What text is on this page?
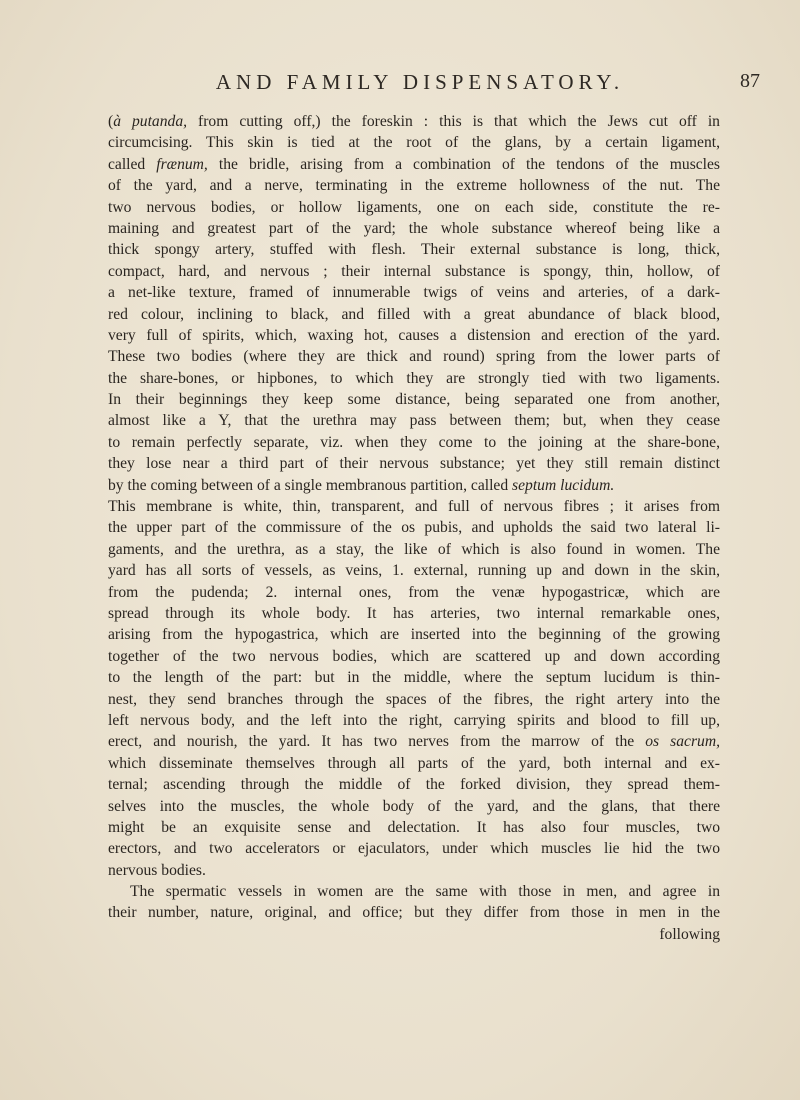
AND FAMILY DISPENSATORY.	87
(à putanda, from cutting off,) the foreskin : this is that which the Jews cut off in
circumcising. This skin is tied at the root of the glans, by a certain ligament,
called frænum, the bridle, arising from a combination of the tendons of the muscles
of the yard, and a nerve, terminating in the extreme hollowness of the nut. The
two nervous bodies, or hollow ligaments, one on each side, constitute the re-
maining and greatest part of the yard; the whole substance whereof being like a
thick spongy artery, stuffed with flesh. Their external substance is long, thick,
compact, hard, and nervous ; their internal substance is spongy, thin, hollow, of
a net-like texture, framed of innumerable twigs of veins and arteries, of a dark-
red colour, inclining to black, and filled with a great abundance of black blood,
very full of spirits, which, waxing hot, causes a distension and erection of the yard.
These two bodies (where they are thick and round) spring from the lower parts of
the share-bones, or hipbones, to which they are strongly tied with two ligaments.
In their beginnings they keep some distance, being separated one from another,
almost like a Y, that the urethra may pass between them; but, when they cease
to remain perfectly separate, viz. when they come to the joining at the share-bone,
they lose near a third part of their nervous substance; yet they still remain distinct
by the coming between of a single membranous partition, called septum lucidum.
This membrane is white, thin, transparent, and full of nervous fibres ; it arises from
the upper part of the commissure of the os pubis, and upholds the said two lateral li-
gaments, and the urethra, as a stay, the like of which is also found in women. The
yard has all sorts of vessels, as veins, 1. external, running up and down in the skin,
from the pudenda; 2. internal ones, from the venæ hypogastricæ, which are
spread through its whole body. It has arteries, two internal remarkable ones,
arising from the hypogastrica, which are inserted into the beginning of the growing
together of the two nervous bodies, which are scattered up and down according
to the length of the part: but in the middle, where the septum lucidum is thin-
nest, they send branches through the spaces of the fibres, the right artery into the
left nervous body, and the left into the right, carrying spirits and blood to fill up,
erect, and nourish, the yard. It has two nerves from the marrow of the os sacrum,
which disseminate themselves through all parts of the yard, both internal and ex-
ternal; ascending through the middle of the forked division, they spread them-
selves into the muscles, the whole body of the yard, and the glans, that there
might be an exquisite sense and delectation. It has also four muscles, two
erectors, and two accelerators or ejaculators, under which muscles lie hid the two
nervous bodies.
The spermatic vessels in women are the same with those in men, and agree in
their number, nature, original, and office; but they differ from those in men in the
following
